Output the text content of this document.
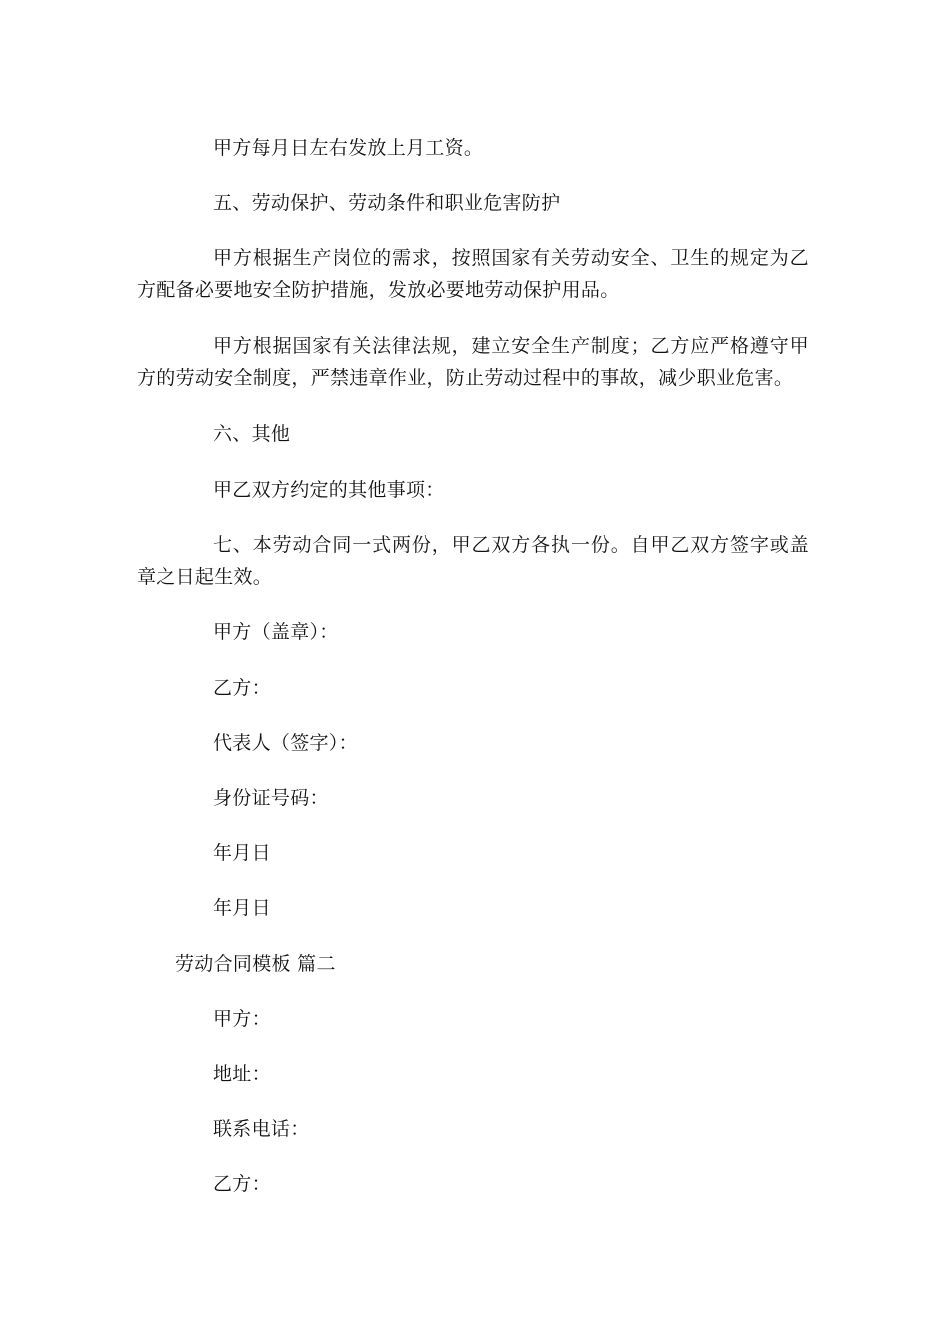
甲方每月日左右发放上月工资。

五、劳动保护、劳动条件和职业危害防护

甲方根据生产岗位的需求，按照国家有关劳动安全、卫生的规定为乙方配备必要地安全防护措施，发放必要地劳动保护用品。

甲方根据国家有关法律法规，建立安全生产制度；乙方应严格遵守甲方的劳动安全制度，严禁违章作业，防止劳动过程中的事故，减少职业危害。

六、其他

甲乙双方约定的其他事项：

七、本劳动合同一式两份，甲乙双方各执一份。自甲乙双方签字或盖章之日起生效。

甲方（盖章）：

乙方：

代表人（签字）：

身份证号码：

年月日

年月日

劳动合同模板 篇二

甲方：

地址：

联系电话：

乙方：
